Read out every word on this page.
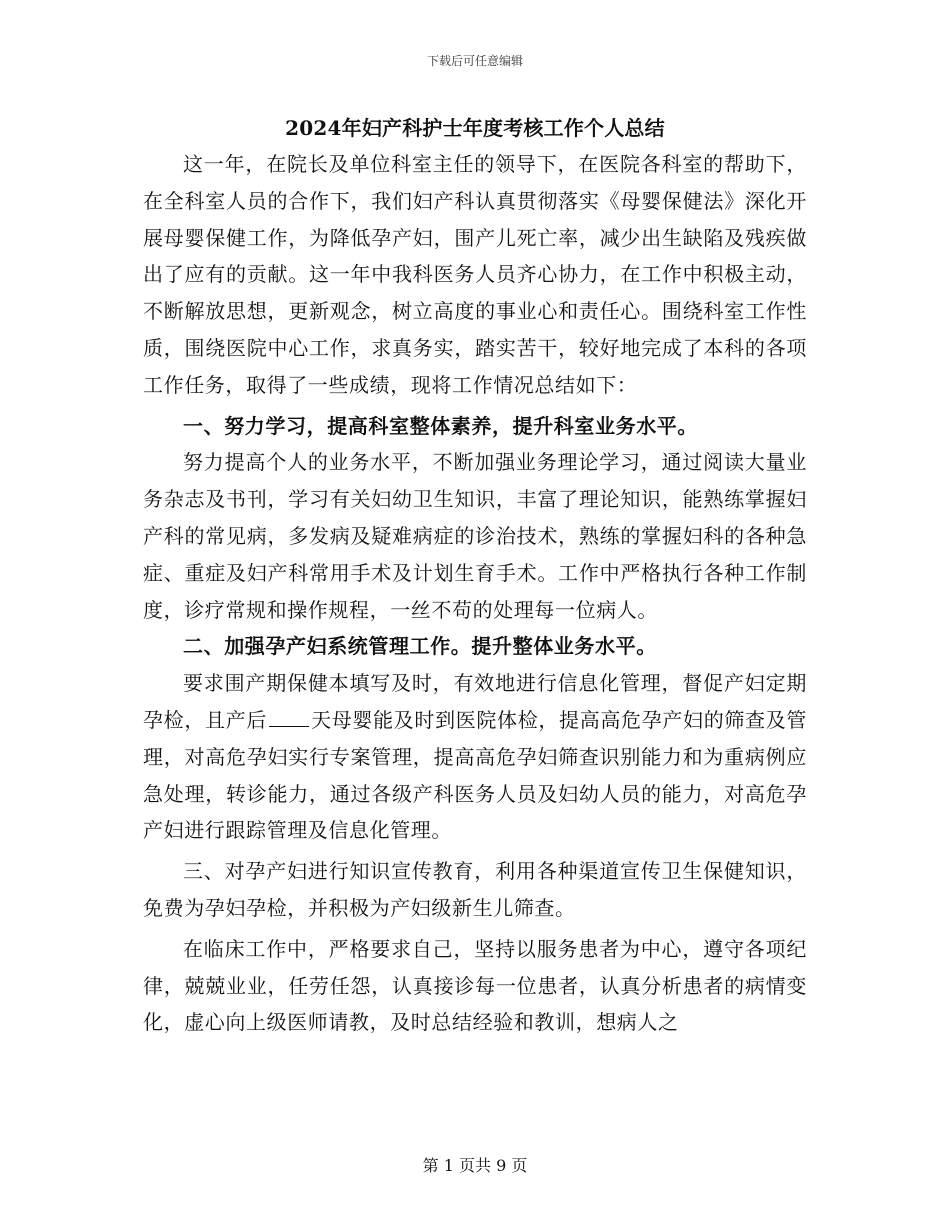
下载后可任意编辑
2024年妇产科护士年度考核工作个人总结

这一年，在院长及单位科室主任的领导下，在医院各科室的帮助下，在全科室人员的合作下，我们妇产科认真贯彻落实《母婴保健法》深化开展母婴保健工作，为降低孕产妇，围产儿死亡率，减少出生缺陷及残疾做出了应有的贡献。这一年中我科医务人员齐心协力，在工作中积极主动，不断解放思想，更新观念，树立高度的事业心和责任心。围绕科室工作性质，围绕医院中心工作，求真务实，踏实苦干，较好地完成了本科的各项工作任务，取得了一些成绩，现将工作情况总结如下：

一、努力学习，提高科室整体素养，提升科室业务水平。

努力提高个人的业务水平，不断加强业务理论学习，通过阅读大量业务杂志及书刊，学习有关妇幼卫生知识，丰富了理论知识，能熟练掌握妇产科的常见病，多发病及疑难病症的诊治技术，熟练的掌握妇科的各种急症、重症及妇产科常用手术及计划生育手术。工作中严格执行各种工作制度，诊疗常规和操作规程，一丝不苟的处理每一位病人。

二、加强孕产妇系统管理工作。提升整体业务水平。

要求围产期保健本填写及时，有效地进行信息化管理，督促产妇定期孕检，且产后 天母婴能及时到医院体检，提高高危孕产妇的筛查及管理，对高危孕妇实行专案管理，提高高危孕妇筛查识别能力和为重病例应急处理，转诊能力，通过各级产科医务人员及妇幼人员的能力，对高危孕产妇进行跟踪管理及信息化管理。

三、对孕产妇进行知识宣传教育，利用各种渠道宣传卫生保健知识，免费为孕妇孕检，并积极为产妇级新生儿筛查。

在临床工作中，严格要求自己，坚持以服务患者为中心，遵守各项纪律，兢兢业业，任劳任怨，认真接诊每一位患者，认真分析患者的病情变化，虚心向上级医师请教，及时总结经验和教训，想病人之

第 1 页共 9 页
